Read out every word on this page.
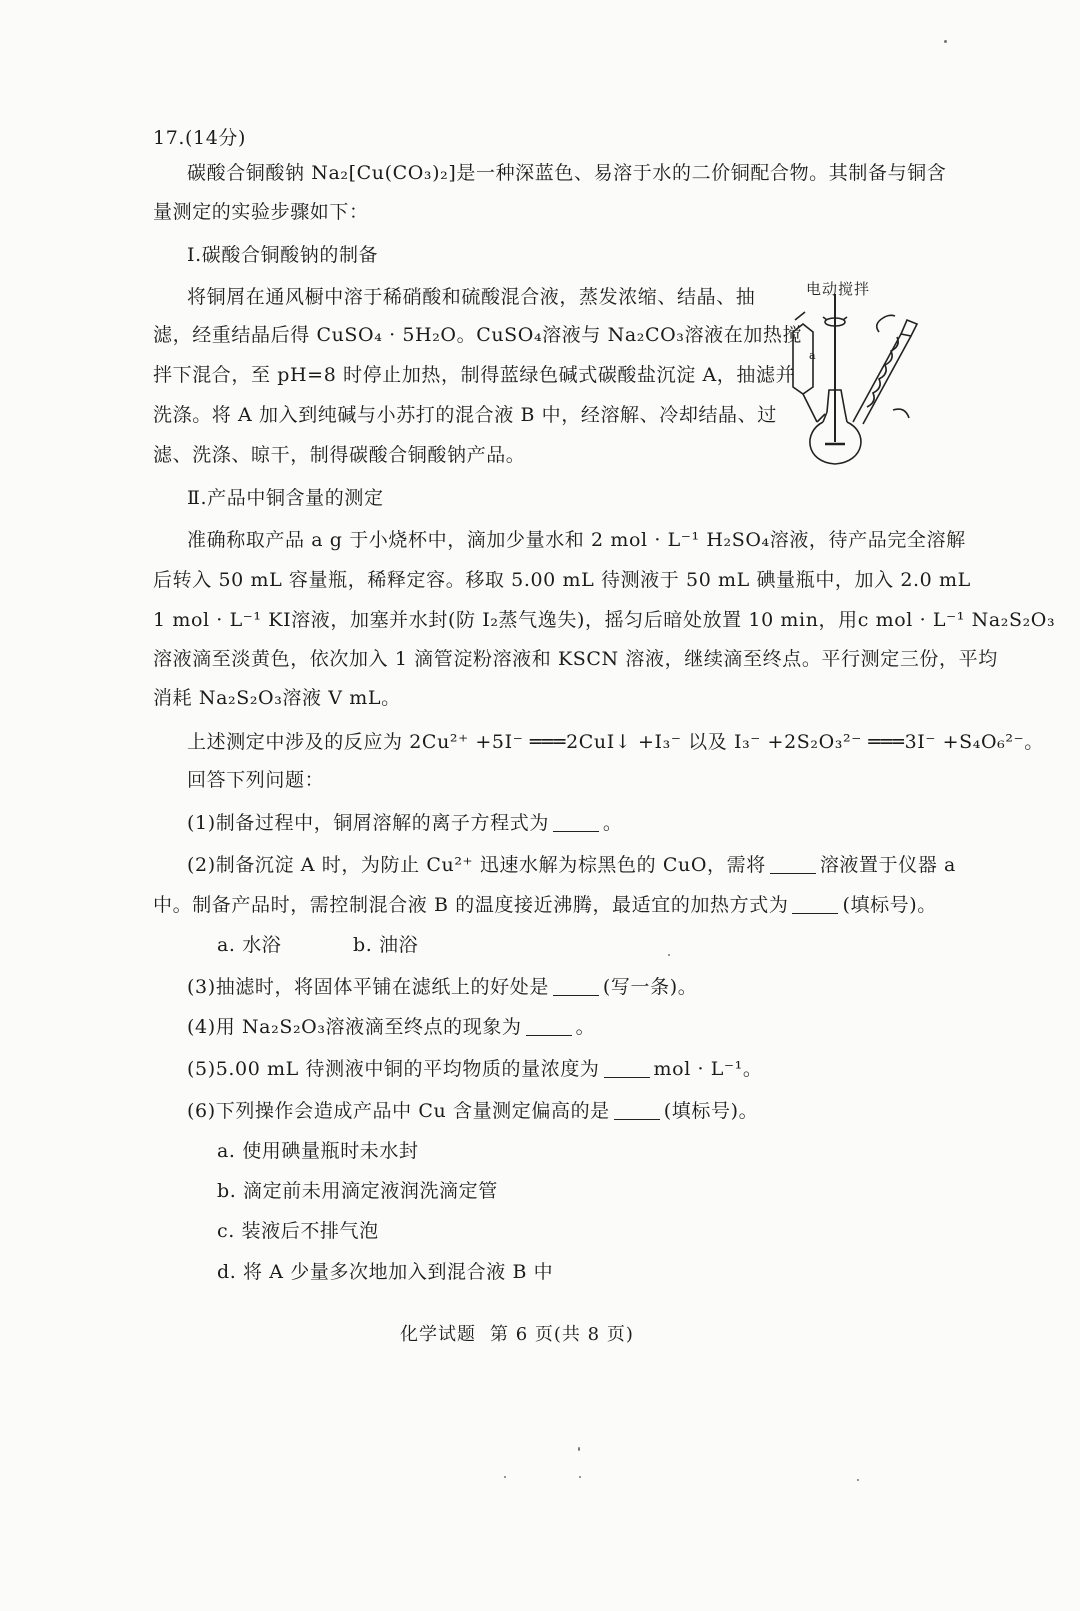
17.(14分)
碳酸合铜酸钠 Na₂[Cu(CO₃)₂]是一种深蓝色、易溶于水的二价铜配合物。其制备与铜含
量测定的实验步骤如下：
Ⅰ.碳酸合铜酸钠的制备
将铜屑在通风橱中溶于稀硝酸和硫酸混合液，蒸发浓缩、结晶、抽
滤，经重结晶后得 CuSO₄ · 5H₂O。CuSO₄溶液与 Na₂CO₃溶液在加热搅
拌下混合，至 pH=8 时停止加热，制得蓝绿色碱式碳酸盐沉淀 A，抽滤并
洗涤。将 A 加入到纯碱与小苏打的混合液 B 中，经溶解、冷却结晶、过
滤、洗涤、晾干，制得碳酸合铜酸钠产品。
电动搅拌
a
Ⅱ.产品中铜含量的测定
准确称取产品 a g 于小烧杯中，滴加少量水和 2 mol · L⁻¹ H₂SO₄溶液，待产品完全溶解
后转入 50 mL 容量瓶，稀释定容。移取 5.00 mL 待测液于 50 mL 碘量瓶中，加入 2.0 mL
1 mol · L⁻¹ KI溶液，加塞并水封(防 I₂蒸气逸失)，摇匀后暗处放置 10 min，用c mol · L⁻¹ Na₂S₂O₃
溶液滴至淡黄色，依次加入 1 滴管淀粉溶液和 KSCN 溶液，继续滴至终点。平行测定三份，平均
消耗 Na₂S₂O₃溶液 V mL。
上述测定中涉及的反应为 2Cu²⁺ +5I⁻ ═══2CuI↓ +I₃⁻ 以及 I₃⁻ +2S₂O₃²⁻ ═══3I⁻ +S₄O₆²⁻。
回答下列问题：
(1)制备过程中，铜屑溶解的离子方程式为	。
(2)制备沉淀 A 时，为防止 Cu²⁺ 迅速水解为棕黑色的 CuO，需将	溶液置于仪器 a
中。制备产品时，需控制混合液 B 的温度接近沸腾，最适宜的加热方式为	(填标号)。
a. 水浴	b. 油浴
(3)抽滤时，将固体平铺在滤纸上的好处是	(写一条)。
(4)用 Na₂S₂O₃溶液滴至终点的现象为	。
(5)5.00 mL 待测液中铜的平均物质的量浓度为	mol · L⁻¹。
(6)下列操作会造成产品中 Cu 含量测定偏高的是	(填标号)。
a. 使用碘量瓶时未水封
b. 滴定前未用滴定液润洗滴定管
c. 装液后不排气泡
d. 将 A 少量多次地加入到混合液 B 中
化学试题 第 6 页(共 8 页)
